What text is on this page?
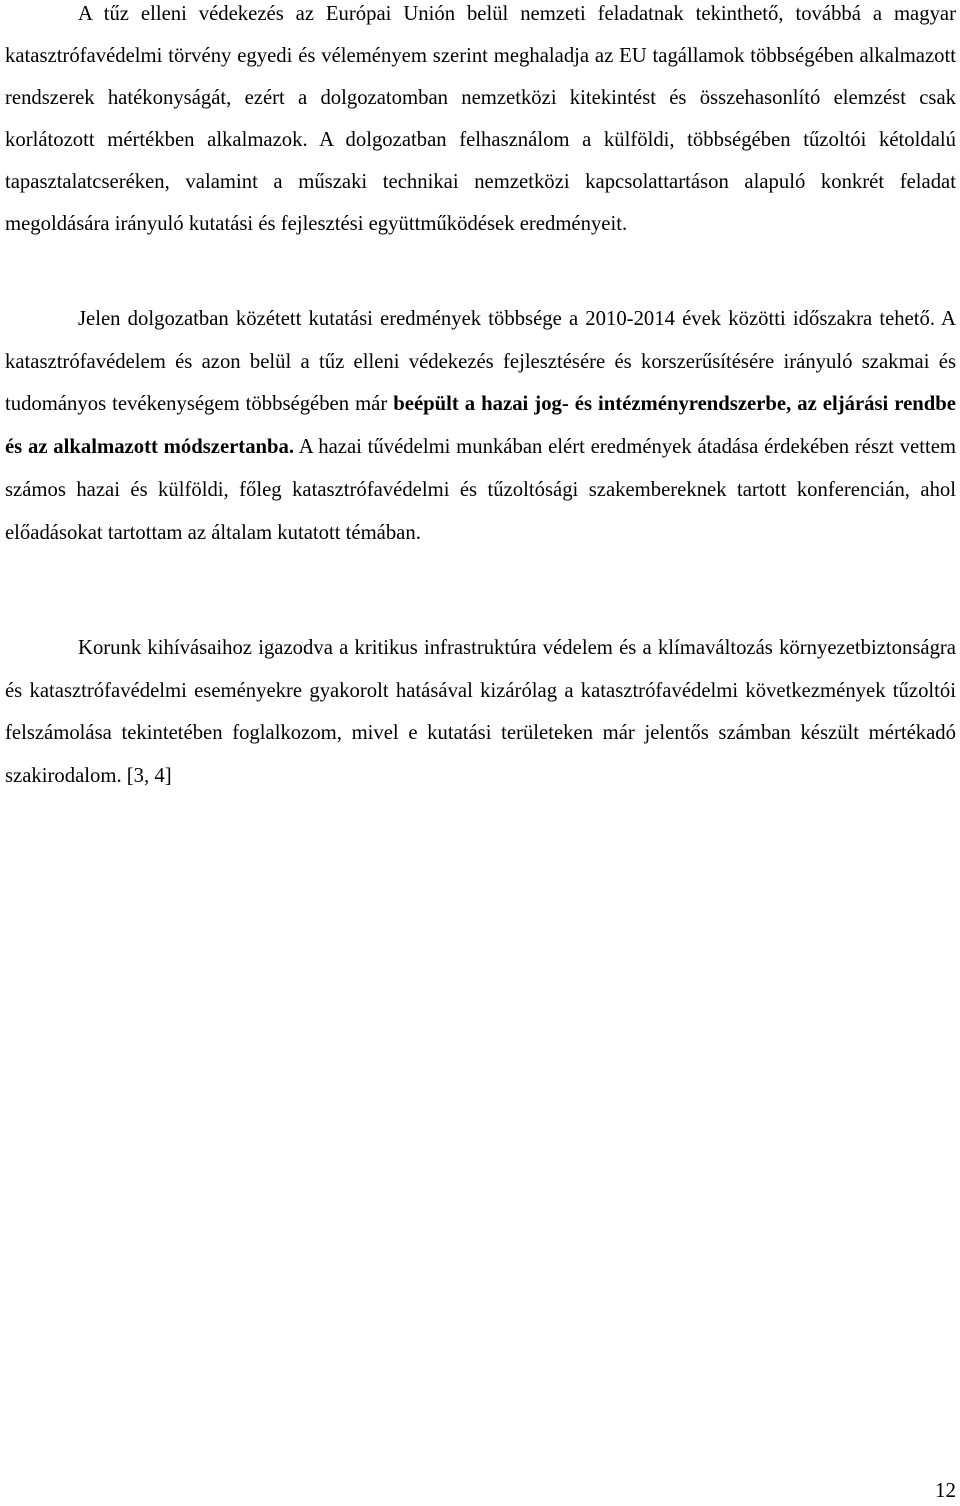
A tűz elleni védekezés az Európai Unión belül nemzeti feladatnak tekinthető, továbbá a magyar katasztrófavédelmi törvény egyedi és véleményem szerint meghaladja az EU tagállamok többségében alkalmazott rendszerek hatékonyságát, ezért a dolgozatomban nemzetközi kitekintést és összehasonlító elemzést csak korlátozott mértékben alkalmazok. A dolgozatban felhasználom a külföldi, többségében tűzoltói kétoldalú tapasztalatcseréken, valamint a műszaki technikai nemzetközi kapcsolattartáson alapuló konkrét feladat megoldására irányuló kutatási és fejlesztési együttműködések eredményeit.

Jelen dolgozatban közétett kutatási eredmények többsége a 2010-2014 évek közötti időszakra tehető. A katasztrófavédelem és azon belül a tűz elleni védekezés fejlesztésére és korszerűsítésére irányuló szakmai és tudományos tevékenységem többségében már beépült a hazai jog- és intézményrendszerbe, az eljárási rendbe és az alkalmazott módszertanba. A hazai tűvédelmi munkában elért eredmények átadása érdekében részt vettem számos hazai és külföldi, főleg katasztrófavédelmi és tűzoltósági szakembereknek tartott konferencián, ahol előadásokat tartottam az általam kutatott témában.

Korunk kihívásaihoz igazodva a kritikus infrastruktúra védelem és a klímaváltozás környezetbiztonságra és katasztrófavédelmi eseményekre gyakorolt hatásával kizárólag a katasztrófavédelmi következmények tűzoltói felszámolása tekintetében foglalkozom, mivel e kutatási területeken már jelentős számban készült mértékadó szakirodalom. [3, 4]

12
